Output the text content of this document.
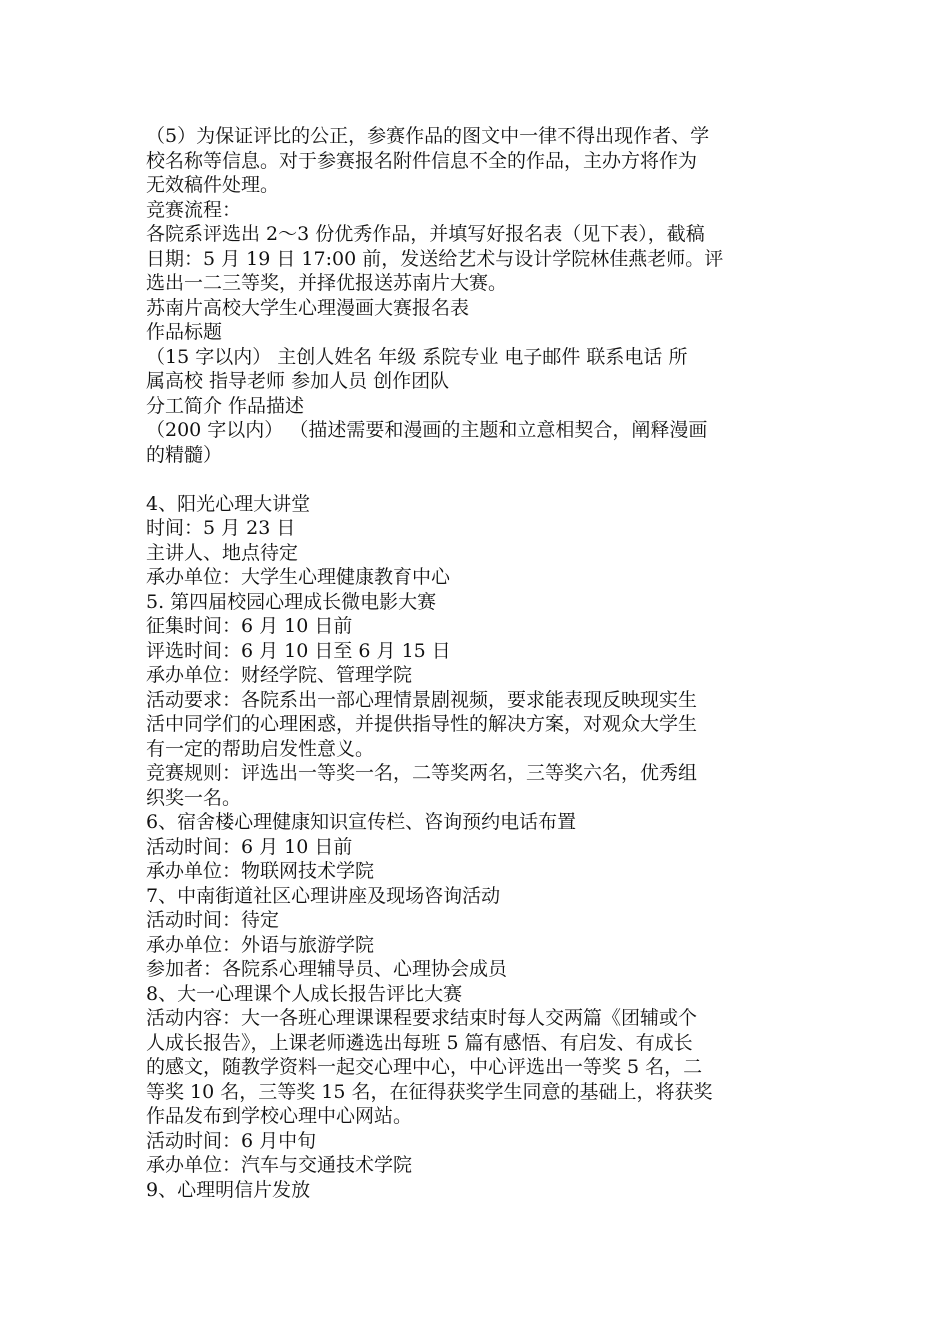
（5）为保证评比的公正，参赛作品的图文中一律不得出现作者、学
校名称等信息。对于参赛报名附件信息不全的作品，主办方将作为
无效稿件处理。
竞赛流程：
各院系评选出 2～3 份优秀作品，并填写好报名表（见下表），截稿
日期：5 月 19 日 17:00 前，发送给艺术与设计学院林佳燕老师。评
选出一二三等奖，并择优报送苏南片大赛。
苏南片高校大学生心理漫画大赛报名表
作品标题
（15 字以内） 主创人姓名 年级 系院专业 电子邮件 联系电话 所
属高校 指导老师 参加人员 创作团队
分工简介 作品描述
（200 字以内） （描述需要和漫画的主题和立意相契合，阐释漫画
的精髓）
4、阳光心理大讲堂
时间：5 月 23 日
主讲人、地点待定
承办单位：大学生心理健康教育中心
5. 第四届校园心理成长微电影大赛
征集时间：6 月 10 日前
评选时间：6 月 10 日至 6 月 15 日
承办单位：财经学院、管理学院
活动要求：各院系出一部心理情景剧视频，要求能表现反映现实生
活中同学们的心理困惑，并提供指导性的解决方案，对观众大学生
有一定的帮助启发性意义。
竞赛规则：评选出一等奖一名，二等奖两名，三等奖六名，优秀组
织奖一名。
6、宿舍楼心理健康知识宣传栏、咨询预约电话布置
活动时间：6 月 10 日前
承办单位：物联网技术学院
7、中南街道社区心理讲座及现场咨询活动
活动时间：待定
承办单位：外语与旅游学院
参加者：各院系心理辅导员、心理协会成员
8、大一心理课个人成长报告评比大赛
活动内容：大一各班心理课课程要求结束时每人交两篇《团辅或个
人成长报告》，上课老师遴选出每班 5 篇有感悟、有启发、有成长
的感文，随教学资料一起交心理中心，中心评选出一等奖 5 名，二
等奖 10 名，三等奖 15 名，在征得获奖学生同意的基础上，将获奖
作品发布到学校心理中心网站。
活动时间：6 月中旬
承办单位：汽车与交通技术学院
9、心理明信片发放
